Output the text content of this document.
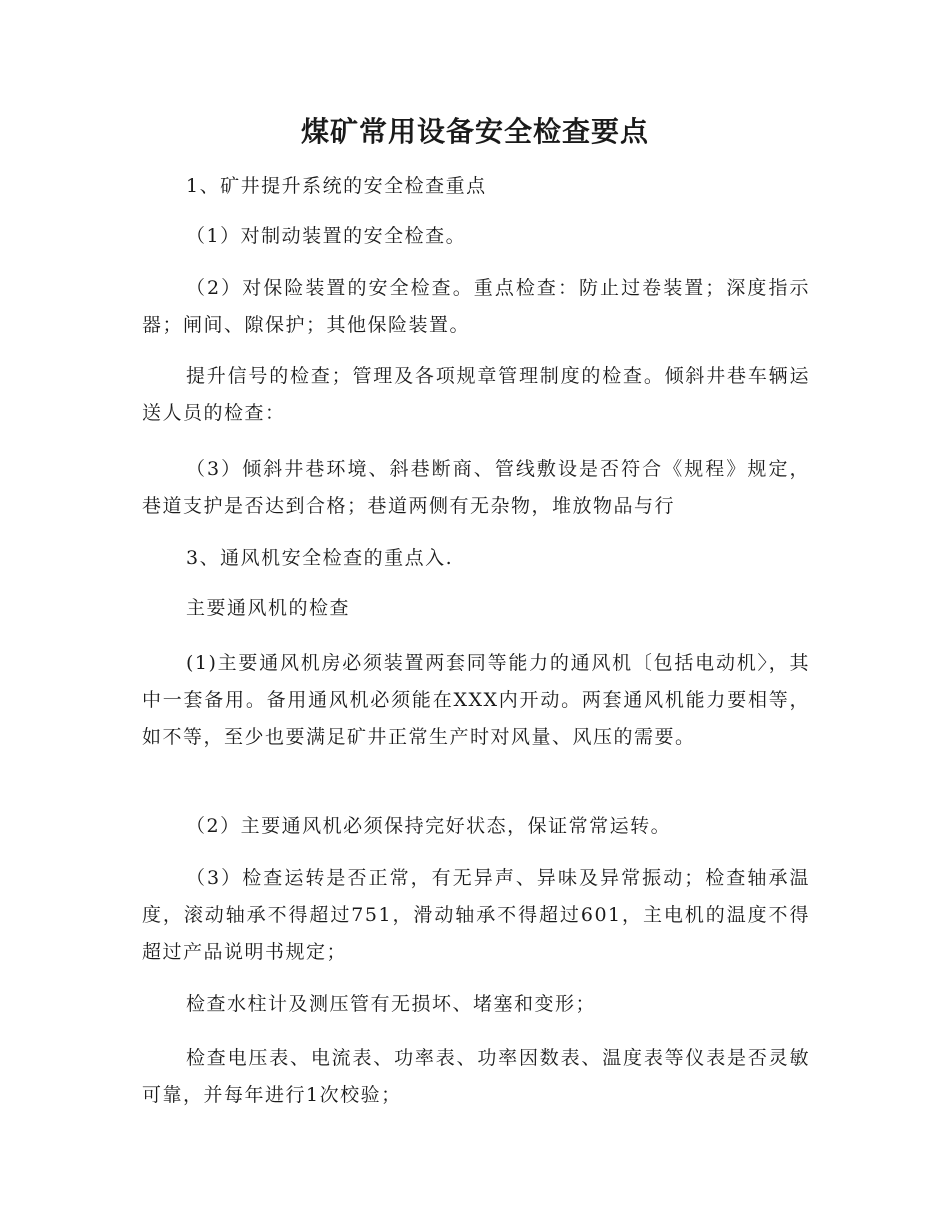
煤矿常用设备安全检查要点

1、矿井提升系统的安全检查重点

（1）对制动装置的安全检查。

（2）对保险装置的安全检查。重点检查：防止过卷装置；深度指示器；闸间、隙保护；其他保险装置。

提升信号的检查；管理及各项规章管理制度的检查。倾斜井巷车辆运送人员的检查：

（3）倾斜井巷环境、斜巷断商、管线敷设是否符合《规程》规定，巷道支护是否达到合格；巷道两侧有无杂物，堆放物品与行

3、通风机安全检查的重点入.

主要通风机的检查

(1)主要通风机房必须装置两套同等能力的通风机〔包括电动机〉，其中一套备用。备用通风机必须能在XXX内开动。两套通风机能力要相等，如不等，至少也要满足矿井正常生产时对风量、风压的需要。

（2）主要通风机必须保持完好状态，保证常常运转。

（3）检查运转是否正常，有无异声、异味及异常振动；检查轴承温度，滚动轴承不得超过751，滑动轴承不得超过601，主电机的温度不得超过产品说明书规定；

检查水柱计及测压管有无损坏、堵塞和变形；

检查电压表、电流表、功率表、功率因数表、温度表等仪表是否灵敏可靠，并每年进行1次校验；
